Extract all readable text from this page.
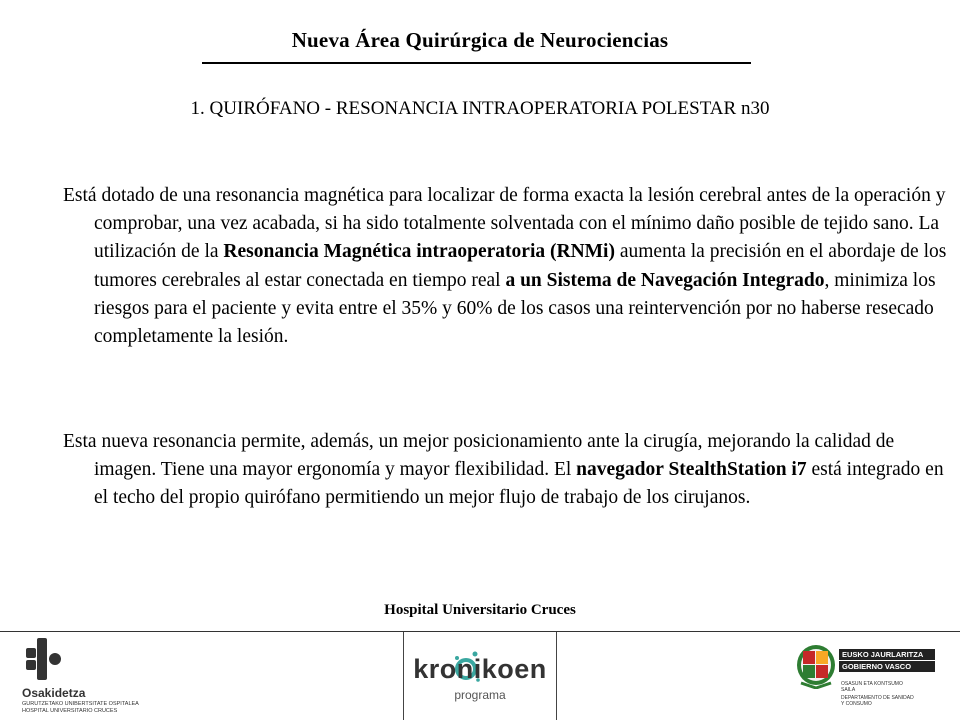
Nueva Área Quirúrgica de Neurociencias
1. QUIRÓFANO - RESONANCIA INTRAOPERATORIA POLESTAR n30
Está dotado de una resonancia magnética para localizar de forma exacta la lesión cerebral antes de la operación y comprobar, una vez acabada, si ha sido totalmente solventada con el mínimo daño posible de tejido sano. La utilización de la Resonancia Magnética intraoperatoria (RNMi) aumenta la precisión en el abordaje de los tumores cerebrales al estar conectada en tiempo real a un Sistema de Navegación Integrado, minimiza los riesgos para el paciente y evita entre el 35% y 60% de los casos una reintervención por no haberse resecado completamente la lesión.
Esta nueva resonancia permite, además, un mejor posicionamiento ante la cirugía, mejorando la calidad de imagen. Tiene una mayor ergonomía y mayor flexibilidad. El navegador StealthStation i7 está integrado en el techo del propio quirófano permitiendo un mejor flujo de trabajo de los cirujanos.
Hospital Universitario Cruces
Osakidetza
GURUTZETAKO UNIBERTSITATE OSPITALEA
HOSPITAL UNIVERSITARIO CRUCES
kronikoen
programa
EUSKO JAURLARITZA
GOBIERNO VASCO
OSASUN ETA KONTSUMO
SAILA
DEPARTAMENTO DE SANIDAD
Y CONSUMO
